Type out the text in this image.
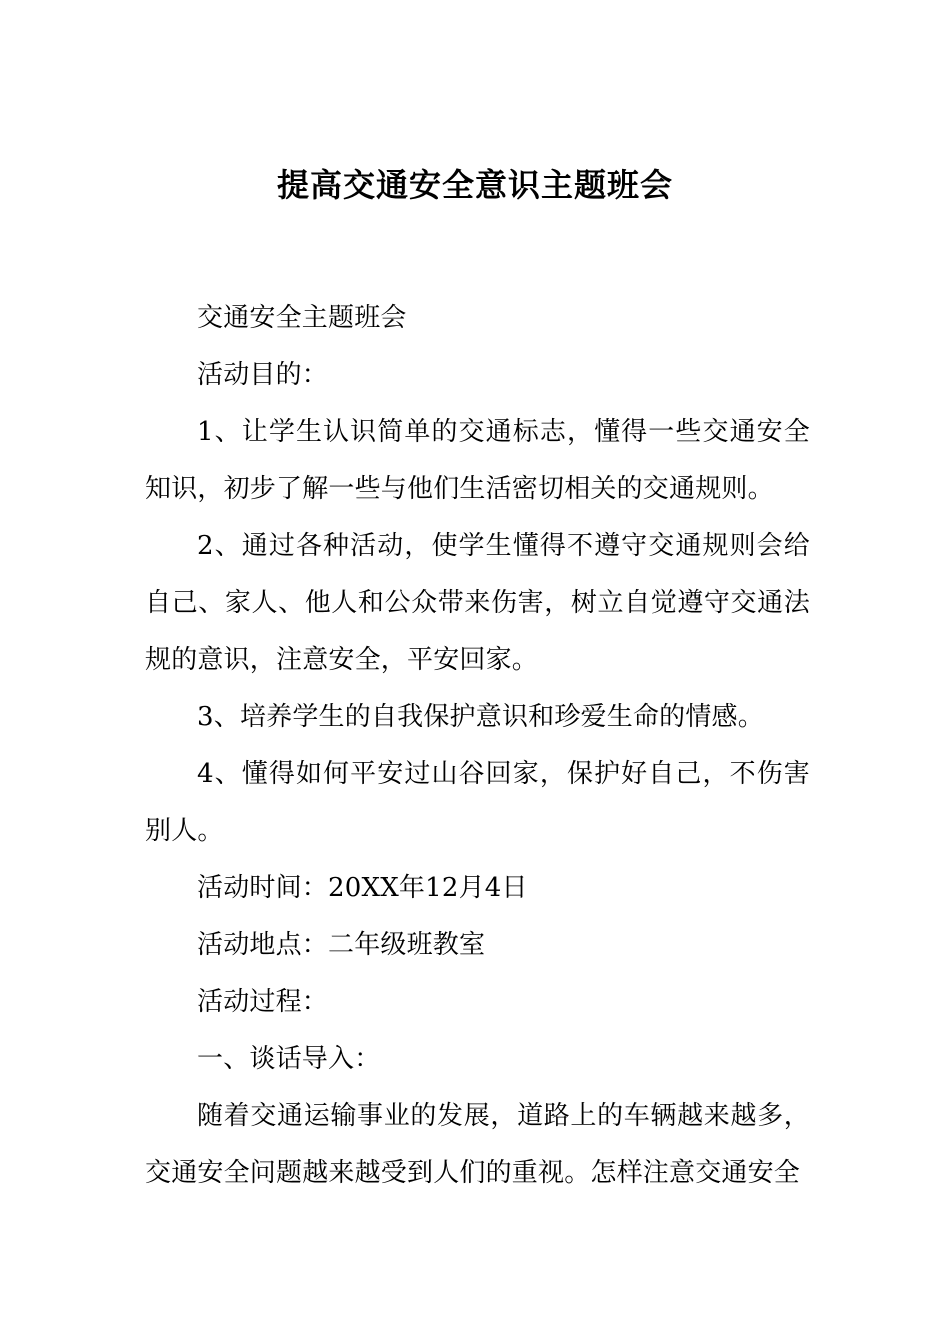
提高交通安全意识主题班会

交通安全主题班会

活动目的：

1、让学生认识简单的交通标志，懂得一些交通安全知识，初步了解一些与他们生活密切相关的交通规则。

2、通过各种活动，使学生懂得不遵守交通规则会给自己、家人、他人和公众带来伤害，树立自觉遵守交通法规的意识，注意安全，平安回家。

3、培养学生的自我保护意识和珍爱生命的情感。

4、懂得如何平安过山谷回家，保护好自己，不伤害别人。

活动时间：20XX年12月4日

活动地点：二年级班教室

活动过程：

一、谈话导入：

随着交通运输事业的发展，道路上的车辆越来越多，交通安全问题越来越受到人们的重视。怎样注意交通安全
